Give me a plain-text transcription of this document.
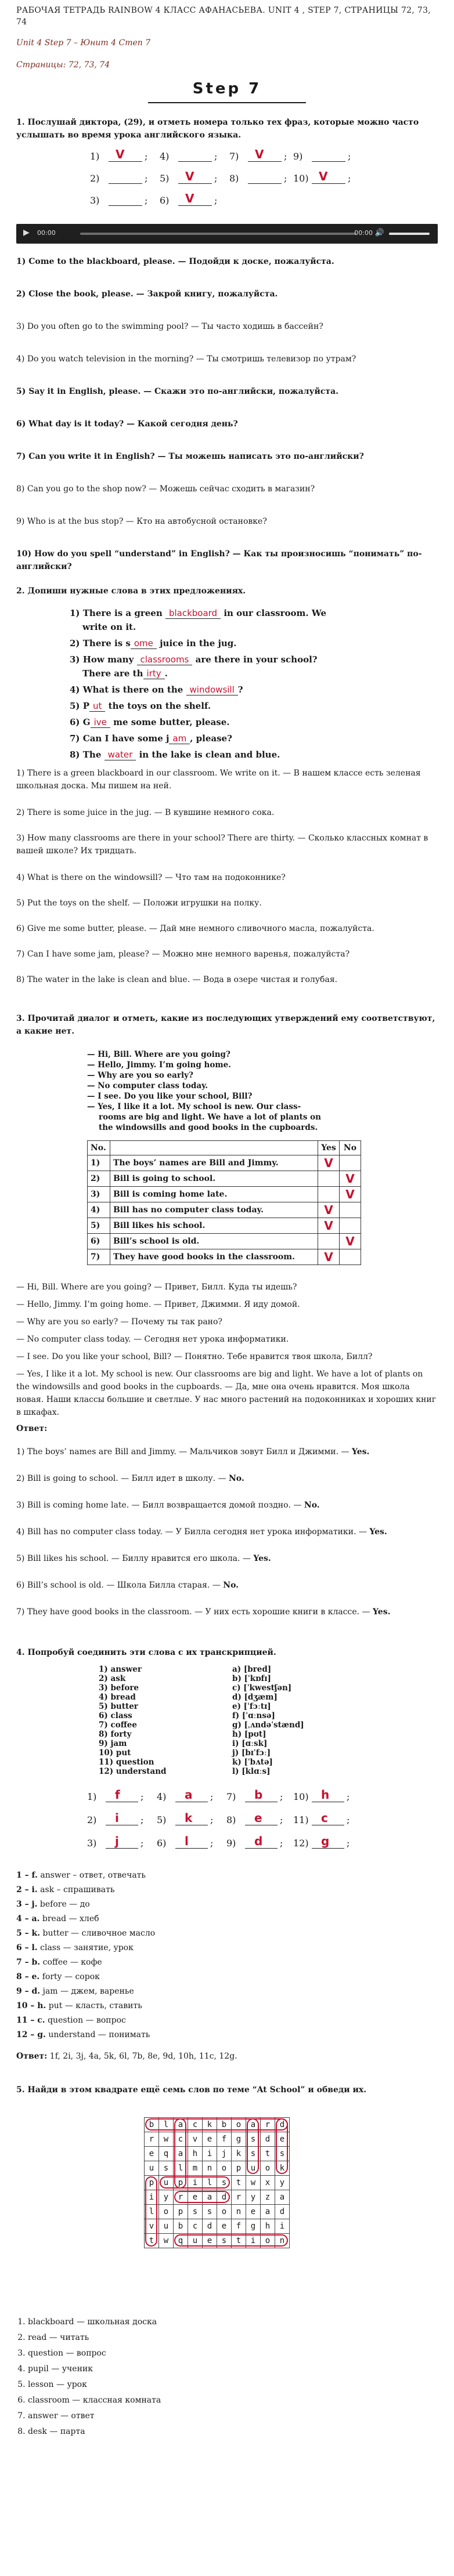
РАБОЧАЯ ТЕТРАДЬ RAINBOW 4 КЛАСС АФАНАСЬЕВА. UNIT 4 , STEP 7, СТРАНИЦЫ 72, 73, 74
Unit 4 Step 7 – Юнит 4 Степ 7
Страницы: 72, 73, 74
Step 7
1. Послушай диктора, (29), и отметь номера только тех фраз, которые можно часто услышать во время урока английского языка.
1) V ;
2)	;
3)	;
4)	;
5) V ;
6) V ;
7) V ;
8)	;
9)	;
10) V ;
▶ 00:00	00:00 🔊
1) Come to the blackboard, please. — Подойди к доске, пожалуйста.
2) Close the book, please. — Закрой книгу, пожалуйста.
3) Do you often go to the swimming pool? — Ты часто ходишь в бассейн?
4) Do you watch television in the morning? — Ты смотришь телевизор по утрам?
5) Say it in English, please. — Скажи это по-английски, пожалуйста.
6) What day is it today? — Какой сегодня день?
7) Can you write it in English? — Ты можешь написать это по-английски?
8) Can you go to the shop now? — Можешь сейчас сходить в магазин?
9) Who is at the bus stop? — Кто на автобусной остановке?
10) How do you spell “understand” in English? — Как ты произносишь “понимать” по-английски?
2. Допиши нужные слова в этих предложениях.
1) There is a green blackboard in our classroom. We
write on it.
2) There is s ome juice in the jug.
3) How many classrooms are there in your school?
There are th irty .
4) What is there on the windowsill ?
5) P ut the toys on the shelf.
6) G ive me some butter, please.
7) Can I have some j am , please?
8) The water in the lake is clean and blue.
1) There is a green blackboard in our classroom. We write on it. — В нашем классе есть зеленая школьная доска. Мы пишем на ней.
2) There is some juice in the jug. — В кувшине немного сока.
3) How many classrooms are there in your school? There are thirty. — Сколько классных комнат в вашей школе? Их тридцать.
4) What is there on the windowsill? — Что там на подоконнике?
5) Put the toys on the shelf. — Положи игрушки на полку.
6) Give me some butter, please. — Дай мне немного сливочного масла, пожалуйста.
7) Can I have some jam, please? — Можно мне немного варенья, пожалуйста?
8) The water in the lake is clean and blue. — Вода в озере чистая и голубая.
3. Прочитай диалог и отметь, какие из последующих утверждений ему соответствуют, а какие нет.
— Hi, Bill. Where are you going?
— Hello, Jimmy. I’m going home.
— Why are you so early?
— No computer class today.
— I see. Do you like your school, Bill?
— Yes, I like it a lot. My school is new. Our class-
rooms are big and light. We have a lot of plants on
the windowsills and good books in the cupboards.
No.		Yes	No
1)	The boys’ names are Bill and Jimmy.	V	
2)	Bill is going to school.		V
3)	Bill is coming home late.		V
4)	Bill has no computer class today.	V	
5)	Bill likes his school.	V	
6)	Bill’s school is old.		V
7)	They have good books in the classroom.	V	
— Hi, Bill. Where are you going? — Привет, Билл. Куда ты идешь?
— Hello, Jimmy. I’m going home. — Привет, Джимми. Я иду домой.
— Why are you so early? — Почему ты так рано?
— No computer class today. — Сегодня нет урока информатики.
— I see. Do you like your school, Bill? — Понятно. Тебе нравится твоя школа, Билл?
— Yes, I like it a lot. My school is new. Our classrooms are big and light. We have a lot of plants on the windowsills and good books in the cupboards. — Да, мне она очень нравится. Моя школа новая. Наши классы большие и светлые. У нас много растений на подоконниках и хороших книг в шкафах.
Ответ:
1) The boys’ names are Bill and Jimmy. — Мальчиков зовут Билл и Джимми. — Yes.
2) Bill is going to school. — Билл идет в школу. — No.
3) Bill is coming home late. — Билл возвращается домой поздно. — No.
4) Bill has no computer class today. — У Билла сегодня нет урока информатики. — Yes.
5) Bill likes his school. — Биллу нравится его школа. — Yes.
6) Bill’s school is old. — Школа Билла старая. — No.
7) They have good books in the classroom. — У них есть хорошие книги в классе. — Yes.
4. Попробуй соединить эти слова с их транскрипцией.
1) answer
2) ask
3) before
4) bread
5) butter
6) class
7) coffee
8) forty
9) jam
10) put
11) question
12) understand
a) [bred]
b) [ˈkɒfɪ]
c) [ˈkwestʃən]
d) [dʒæm]
e) [ˈfɔːtɪ]
f) [ˈɑːnsə]
g) [ˌʌndəˈstænd]
h) [pʊt]
i) [ɑːsk]
j) [bɪˈfɔː]
k) [ˈbʌtə]
l) [klɑːs]
1) f ; 4) a ; 7) b ; 10) h ;
2) i ; 5) k ; 8) e ; 11) c ;
3) j ; 6) l ; 9) d ; 12) g ;
1 – f. answer – ответ, отвечать
2 – i. ask – спрашивать
3 – j. before — до
4 – a. bread — хлеб
5 – k. butter — сливочное масло
6 – l. class — занятие, урок
7 – b. coffee — кофе
8 – e. forty — сорок
9 – d. jam — джем, варенье
10 – h. put — класть, ставить
11 – c. question — вопрос
12 – g. understand — понимать
Ответ: 1f, 2i, 3j, 4a, 5k, 6l, 7b, 8e, 9d, 10h, 11c, 12g.
5. Найди в этом квадрате ещё семь слов по теме “At School” и обведи их.
b	l	a	c	k	b	o	a	r	d
r	w	c	v	e	f	g	s	d	e
e	q	a	h	i	j	k	s	t	s
u	s	l	m	n	o	p	u	o	k
p	u	p	i	l	s	t	w	x	y
i	y	r	e	a	d	r	y	z	a
l	o	p	s	s	o	n	e	a	d
v	u	b	c	d	e	f	g	h	i
t	w	q	u	e	s	t	i	o	n
1. blackboard — школьная доска
2. read — читать
3. question — вопрос
4. pupil — ученик
5. lesson — урок
6. classroom — классная комната
7. answer — ответ
8. desk — парта
